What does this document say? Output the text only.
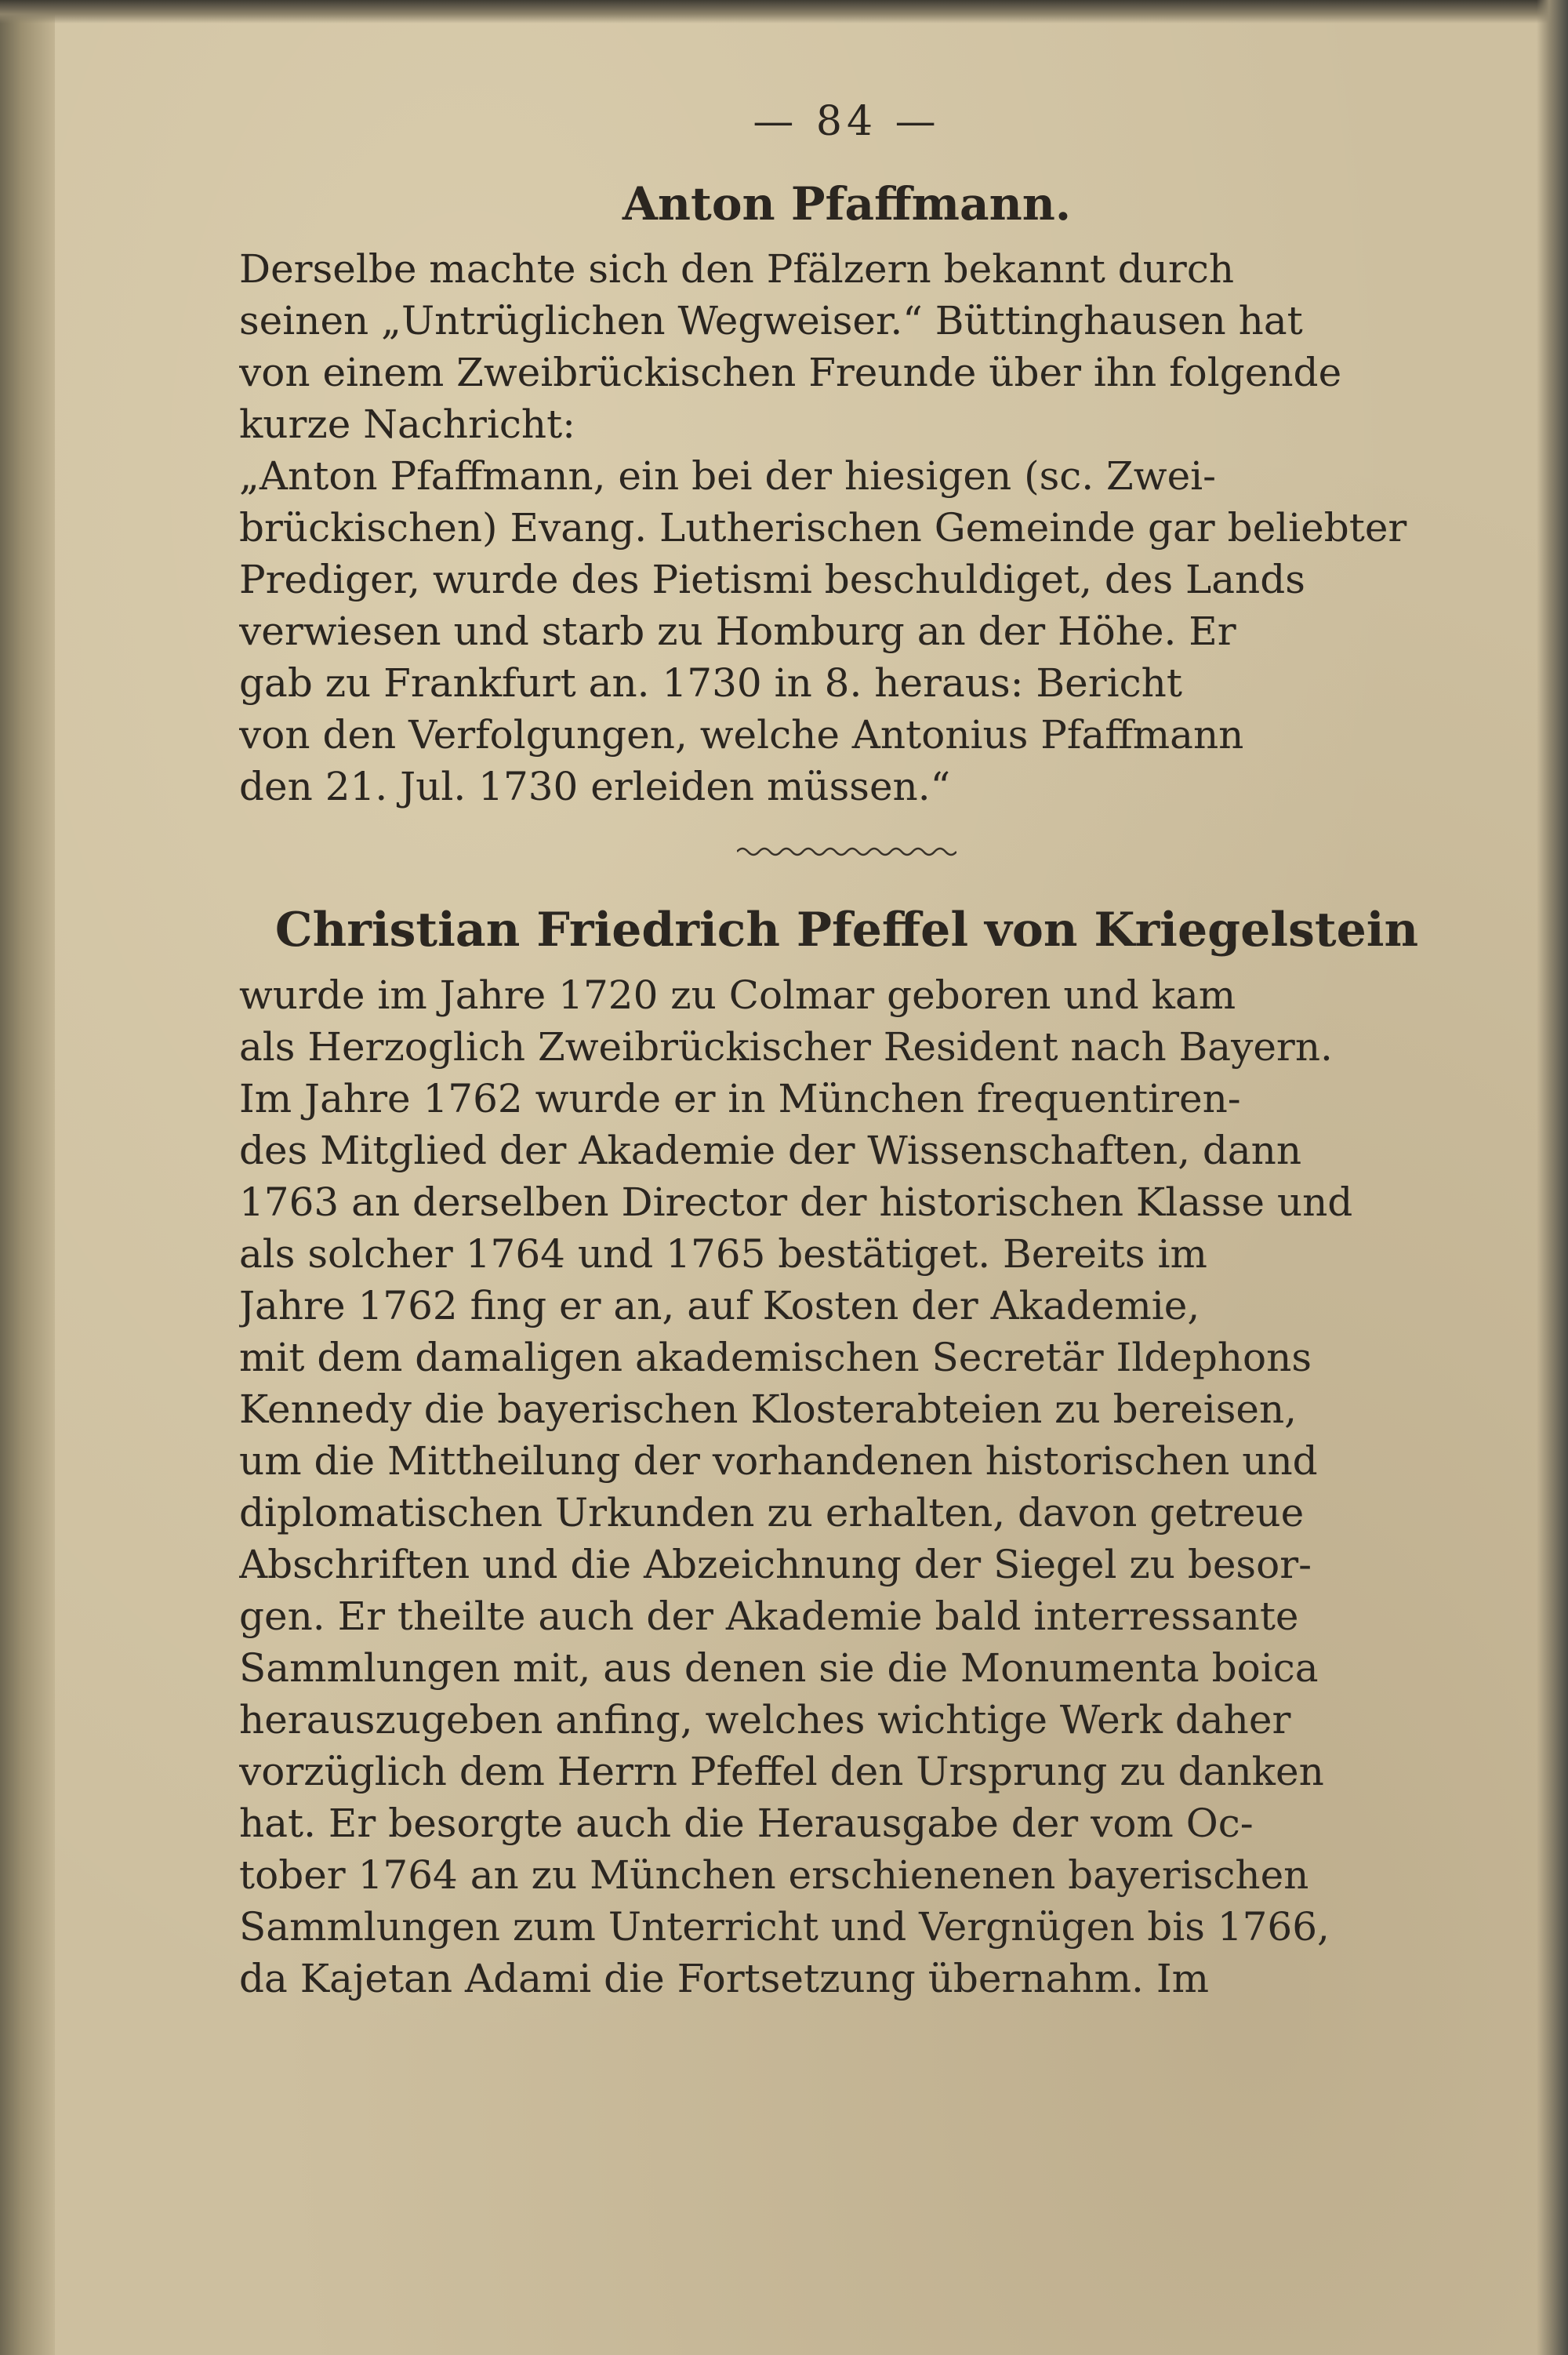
— 84 —
Anton Pfaffmann.
Derselbe machte sich den Pfälzern bekannt durch
seinen „Untrüglichen Wegweiser.“ Büttinghausen hat
von einem Zweibrückischen Freunde über ihn folgende
kurze Nachricht:
„Anton Pfaffmann, ein bei der hiesigen (sc. Zwei-
brückischen) Evang. Lutherischen Gemeinde gar beliebter
Prediger, wurde des Pietismi beschuldiget, des Lands
verwiesen und starb zu Homburg an der Höhe. Er
gab zu Frankfurt an. 1730 in 8. heraus: Bericht
von den Verfolgungen, welche Antonius Pfaffmann
den 21. Jul. 1730 erleiden müssen.“
Christian Friedrich Pfeffel von Kriegelstein
wurde im Jahre 1720 zu Colmar geboren und kam
als Herzoglich Zweibrückischer Resident nach Bayern.
Im Jahre 1762 wurde er in München frequentiren-
des Mitglied der Akademie der Wissenschaften, dann
1763 an derselben Director der historischen Klasse und
als solcher 1764 und 1765 bestätiget. Bereits im
Jahre 1762 fing er an, auf Kosten der Akademie,
mit dem damaligen akademischen Secretär Ildephons
Kennedy die bayerischen Klosterabteien zu bereisen,
um die Mittheilung der vorhandenen historischen und
diplomatischen Urkunden zu erhalten, davon getreue
Abschriften und die Abzeichnung der Siegel zu besor-
gen. Er theilte auch der Akademie bald interressante
Sammlungen mit, aus denen sie die Monumenta boica
herauszugeben anfing, welches wichtige Werk daher
vorzüglich dem Herrn Pfeffel den Ursprung zu danken
hat. Er besorgte auch die Herausgabe der vom Oc-
tober 1764 an zu München erschienenen bayerischen
Sammlungen zum Unterricht und Vergnügen bis 1766,
da Kajetan Adami die Fortsetzung übernahm. Im
